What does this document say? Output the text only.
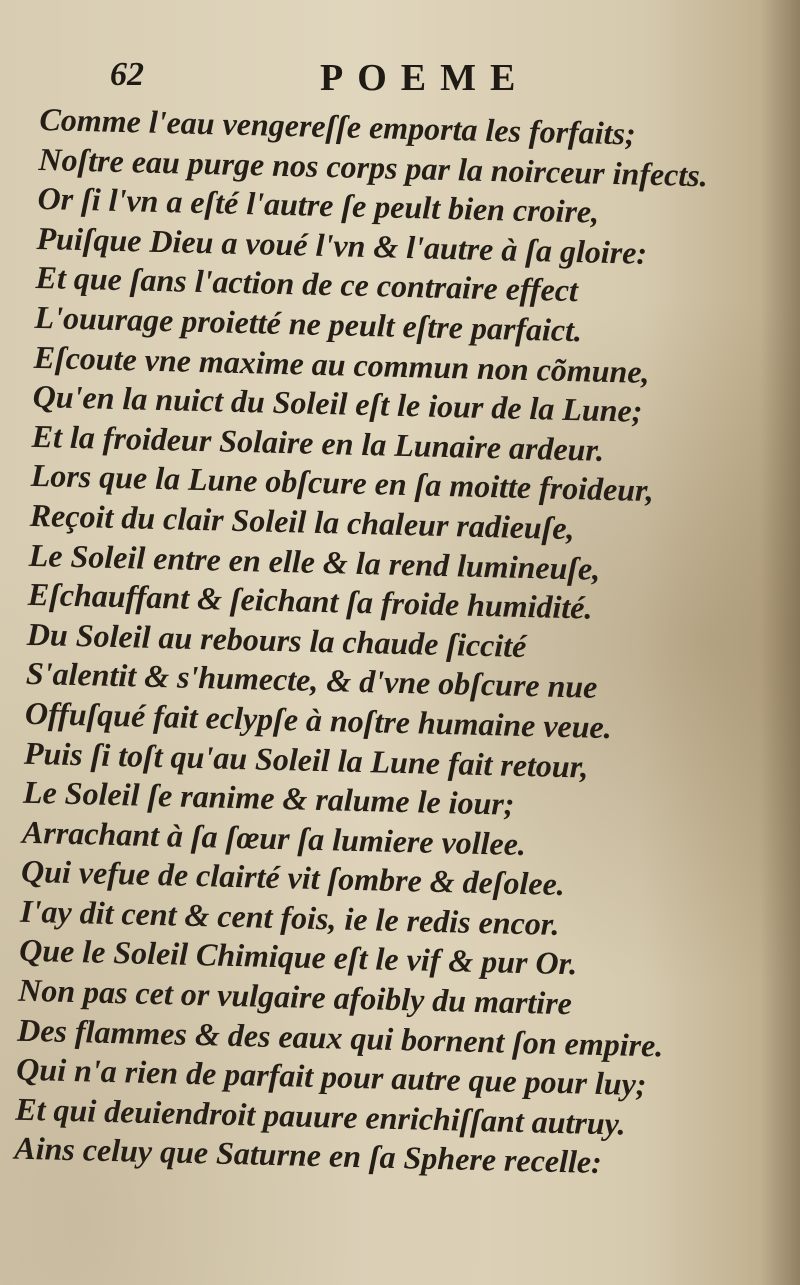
62	POEME
Comme l'eau vengereſſe emporta les forfaits;
Noſtre eau purge nos corps par la noirceur infects.
Or ſi l'vn a eſté l'autre ſe peult bien croire,
Puiſque Dieu a voué l'vn & l'autre à ſa gloire:
Et que ſans l'action de ce contraire effect
L'ouurage proietté ne peult eſtre parfaict.
Eſcoute vne maxime au commun non cõmune,
Qu'en la nuict du Soleil eſt le iour de la Lune;
Et la froideur Solaire en la Lunaire ardeur.
Lors que la Lune obſcure en ſa moitte froideur,
Reçoit du clair Soleil la chaleur radieuſe,
Le Soleil entre en elle & la rend lumineuſe,
Eſchauffant & ſeichant ſa froide humidité.
Du Soleil au rebours la chaude ſiccité
S'alentit & s'humecte, & d'vne obſcure nue
Offuſqué fait eclypſe à noſtre humaine veue.
Puis ſi toſt qu'au Soleil la Lune fait retour,
Le Soleil ſe ranime & ralume le iour;
Arrachant à ſa ſœur ſa lumiere vollee.
Qui vefue de clairté vit ſombre & deſolee.
I'ay dit cent & cent fois, ie le redis encor.
Que le Soleil Chimique eſt le vif & pur Or.
Non pas cet or vulgaire afoibly du martire
Des flammes & des eaux qui bornent ſon empire.
Qui n'a rien de parfait pour autre que pour luy;
Et qui deuiendroit pauure enrichiſſant autruy.
Ains celuy que Saturne en ſa Sphere recelle:
